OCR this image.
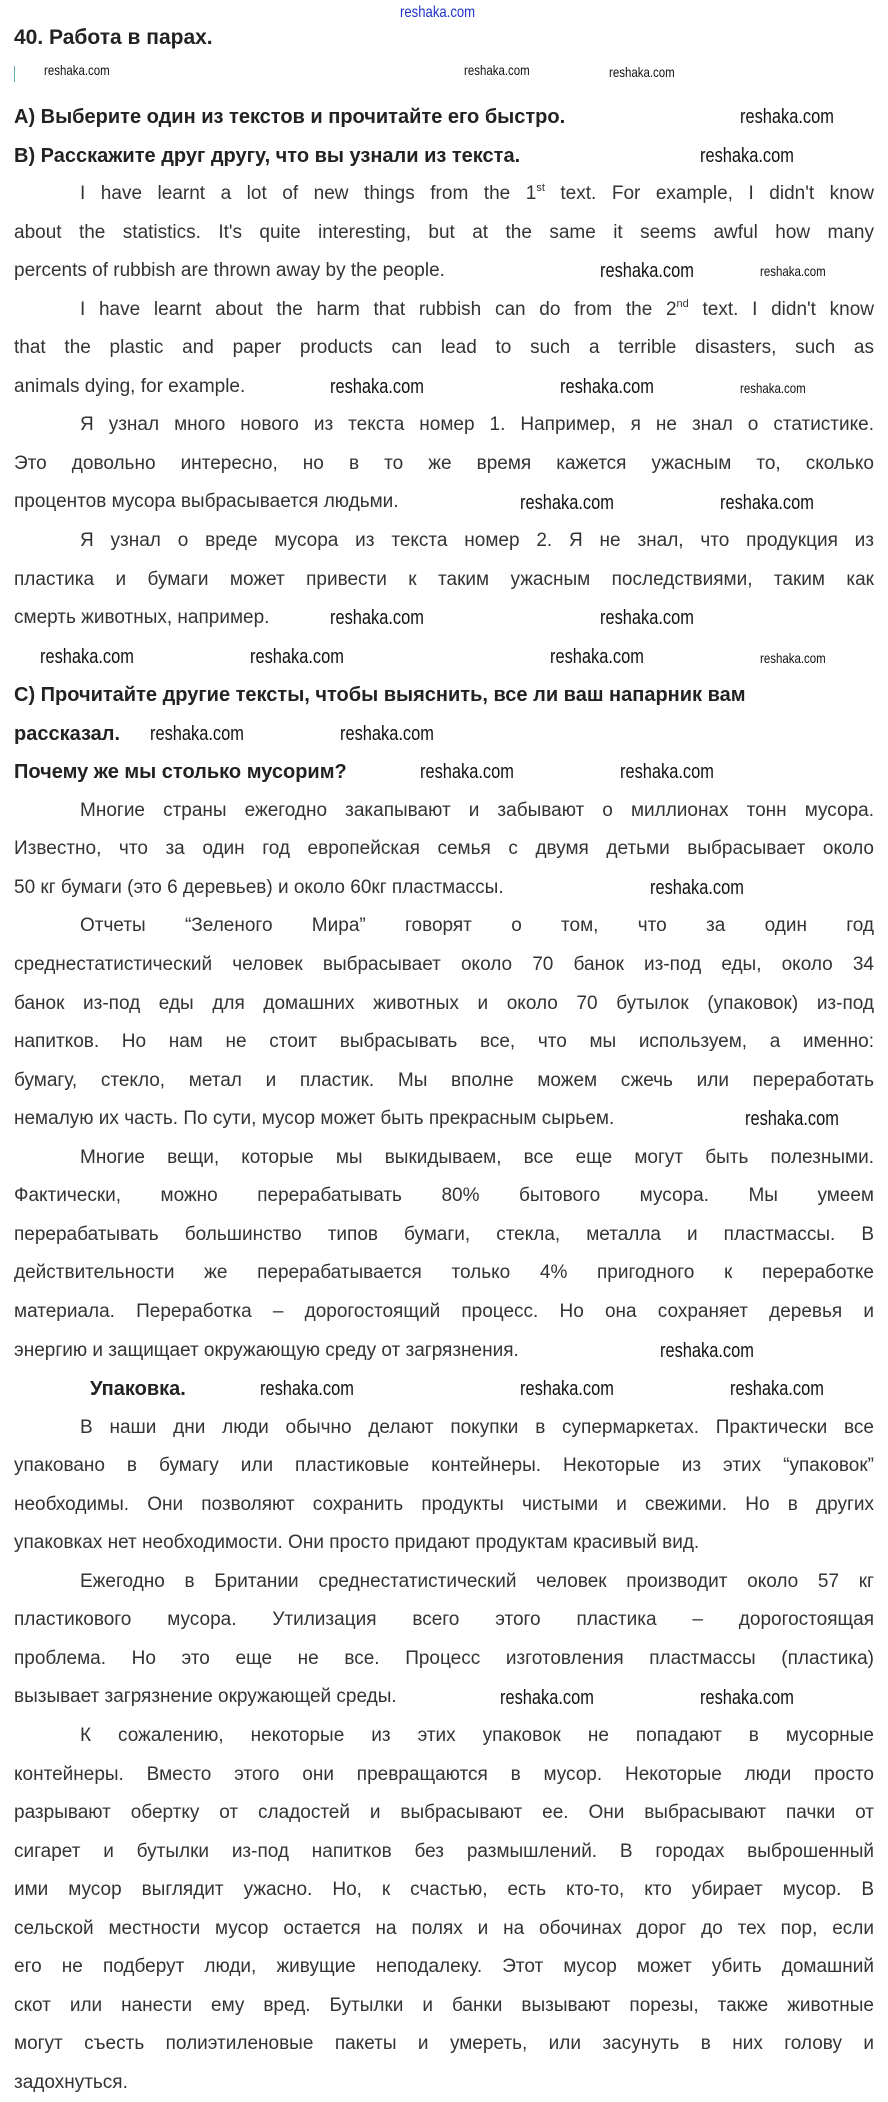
40. Работа в парах.
А) Выберите один из текстов и прочитайте его быстро.
В) Расскажите друг другу, что вы узнали из текста.
I have learnt a lot of new things from the 1st text. For example, I didn't know
about the statistics. It's quite interesting, but at the same it seems awful how many
percents of rubbish are thrown away by the people.
I have learnt about the harm that rubbish can do from the 2nd text. I didn't know
that the plastic and paper products can lead to such a terrible disasters, such as
animals dying, for example.
Я узнал много нового из текста номер 1. Например, я не знал о статистике.
Это довольно интересно, но в то же время кажется ужасным то, сколько
процентов мусора выбрасывается людьми.
Я узнал о вреде мусора из текста номер 2. Я не знал, что продукция из
пластика и бумаги может привести к таким ужасным последствиями, таким как
смерть животных, например.
С) Прочитайте другие тексты, чтобы выяснить, все ли ваш напарник вам
рассказал.
Почему же мы столько мусорим?
Многие страны ежегодно закапывают и забывают о миллионах тонн мусора.
Известно, что за один год европейская семья с двумя детьми выбрасывает около
50 кг бумаги (это 6 деревьев) и около 60кг пластмассы.
Отчеты “Зеленого Мира” говорят о том, что за один год
среднестатистический человек выбрасывает около 70 банок из-под еды, около 34
банок из-под еды для домашних животных и около 70 бутылок (упаковок) из-под
напитков. Но нам не стоит выбрасывать все, что мы используем, а именно:
бумагу, стекло, метал и пластик. Мы вполне можем сжечь или переработать
немалую их часть. По сути, мусор может быть прекрасным сырьем.
Многие вещи, которые мы выкидываем, все еще могут быть полезными.
Фактически, можно перерабатывать 80% бытового мусора. Мы умеем
перерабатывать большинство типов бумаги, стекла, металла и пластмассы. В
действительности же перерабатывается только 4% пригодного к переработке
материала. Переработка – дорогостоящий процесс. Но она сохраняет деревья и
энергию и защищает окружающую среду от загрязнения.
Упаковка.
В наши дни люди обычно делают покупки в супермаркетах. Практически все
упаковано в бумагу или пластиковые контейнеры. Некоторые из этих “упаковок”
необходимы. Они позволяют сохранить продукты чистыми и свежими. Но в других
упаковках нет необходимости. Они просто придают продуктам красивый вид.
Ежегодно в Британии среднестатистический человек производит около 57 кг
пластикового мусора. Утилизация всего этого пластика – дорогостоящая
проблема. Но это еще не все. Процесс изготовления пластмассы (пластика)
вызывает загрязнение окружающей среды.
К сожалению, некоторые из этих упаковок не попадают в мусорные
контейнеры. Вместо этого они превращаются в мусор. Некоторые люди просто
разрывают обертку от сладостей и выбрасывают ее. Они выбрасывают пачки от
сигарет и бутылки из-под напитков без размышлений. В городах выброшенный
ими мусор выглядит ужасно. Но, к счастью, есть кто-то, кто убирает мусор. В
сельской местности мусор остается на полях и на обочинах дорог до тех пор, если
его не подберут люди, живущие неподалеку. Этот мусор может убить домашний
скот или нанести ему вред. Бутылки и банки вызывают порезы, также животные
могут съесть полиэтиленовые пакеты и умереть, или засунуть в них голову и
задохнуться.
reshaka.com
reshaka.com	reshaka.com	reshaka.com
reshaka.com
reshaka.com
reshaka.com	reshaka.com
reshaka.com	reshaka.com	reshaka.com
reshaka.com	reshaka.com
reshaka.com	reshaka.com
reshaka.com	reshaka.com	reshaka.com	reshaka.com
reshaka.com	reshaka.com
reshaka.com	reshaka.com
reshaka.com
reshaka.com
reshaka.com
reshaka.com	reshaka.com	reshaka.com
reshaka.com	reshaka.com
